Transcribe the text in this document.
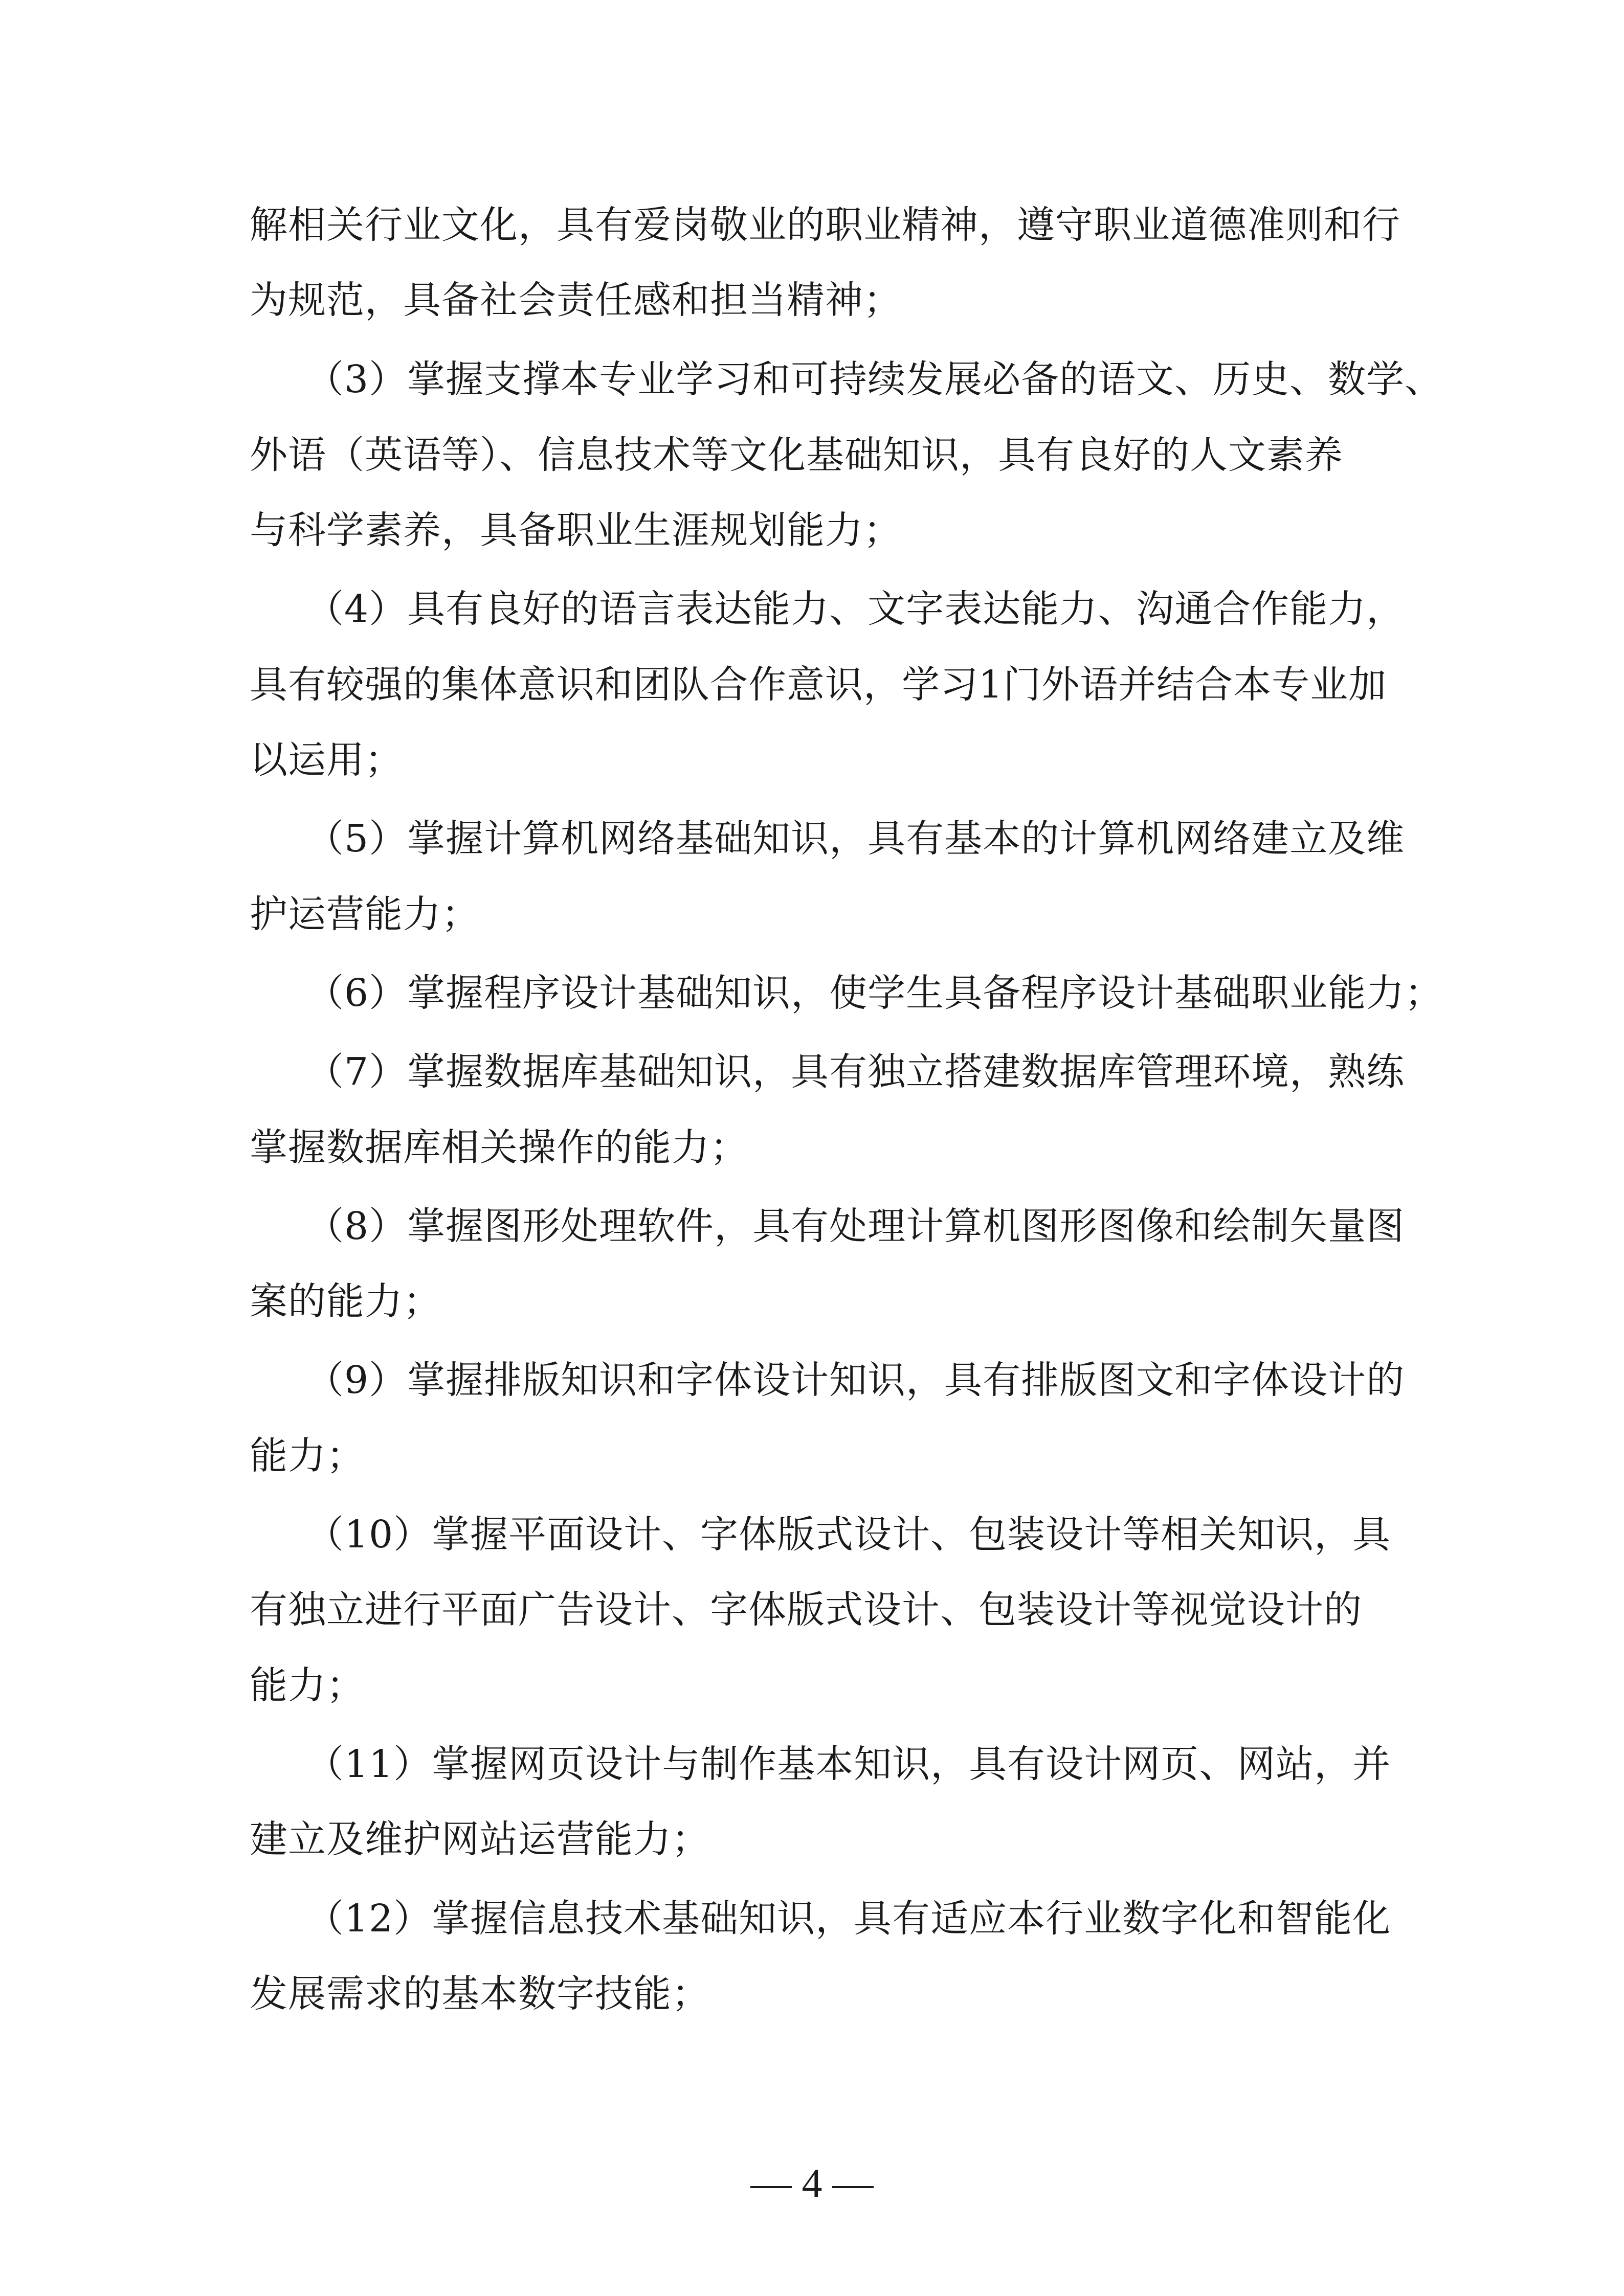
解相关行业文化，具有爱岗敬业的职业精神，遵守职业道德准则和行
为规范，具备社会责任感和担当精神；
（3）掌握支撑本专业学习和可持续发展必备的语文、历史、数学、
外语（英语等）、信息技术等文化基础知识，具有良好的人文素养
与科学素养，具备职业生涯规划能力；
（4）具有良好的语言表达能力、文字表达能力、沟通合作能力，
具有较强的集体意识和团队合作意识，学习1门外语并结合本专业加
以运用；
（5）掌握计算机网络基础知识，具有基本的计算机网络建立及维
护运营能力；
（6）掌握程序设计基础知识，使学生具备程序设计基础职业能力；
（7）掌握数据库基础知识，具有独立搭建数据库管理环境，熟练
掌握数据库相关操作的能力；
（8）掌握图形处理软件，具有处理计算机图形图像和绘制矢量图
案的能力；
（9）掌握排版知识和字体设计知识，具有排版图文和字体设计的
能力；
（10）掌握平面设计、字体版式设计、包装设计等相关知识，具
有独立进行平面广告设计、字体版式设计、包装设计等视觉设计的
能力；
（11）掌握网页设计与制作基本知识，具有设计网页、网站，并
建立及维护网站运营能力；
（12）掌握信息技术基础知识，具有适应本行业数字化和智能化
发展需求的基本数字技能；
— 4 —
